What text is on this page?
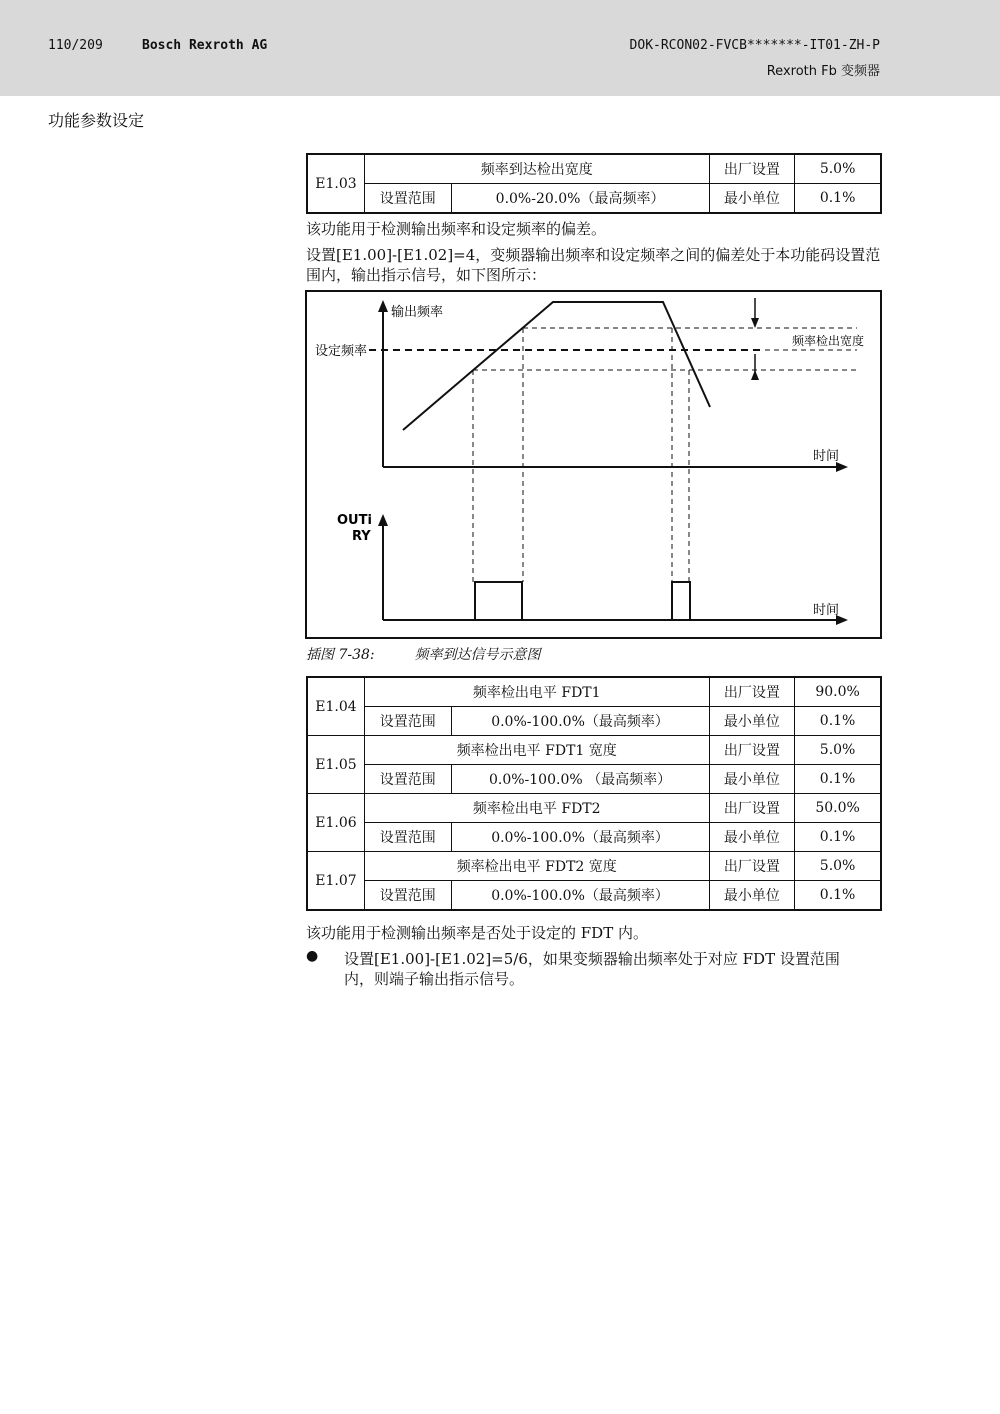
110/209	Bosch Rexroth AG	DOK-RCON02-FVCB*******-IT01-ZH-P
Rexroth Fb 变频器
功能参数设定
E1.03	频率到达检出宽度		出厂设置	5.0%
	设置范围	0.0%-20.0%（最高频率）	最小单位	0.1%
该功能用于检测输出频率和设定频率的偏差。
设置[E1.00]-[E1.02]=4，变频器输出频率和设定频率之间的偏差处于本功能码设置范围内，输出指示信号，如下图所示：
输出频率
设定频率
频率检出宽度
时间
OUTi
RY
时间
插图 7-38:	频率到达信号示意图
E1.04	频率检出电平 FDT1		出厂设置	90.0%
	设置范围	0.0%-100.0%（最高频率）	最小单位	0.1%
E1.05	频率检出电平 FDT1 宽度		出厂设置	5.0%
	设置范围	0.0%-100.0% （最高频率）	最小单位	0.1%
E1.06	频率检出电平 FDT2		出厂设置	50.0%
	设置范围	0.0%-100.0%（最高频率）	最小单位	0.1%
E1.07	频率检出电平 FDT2 宽度		出厂设置	5.0%
	设置范围	0.0%-100.0%（最高频率）	最小单位	0.1%
该功能用于检测输出频率是否处于设定的 FDT 内。
● 设置[E1.00]-[E1.02]=5/6，如果变频器输出频率处于对应 FDT 设置范围
内，则端子输出指示信号。
